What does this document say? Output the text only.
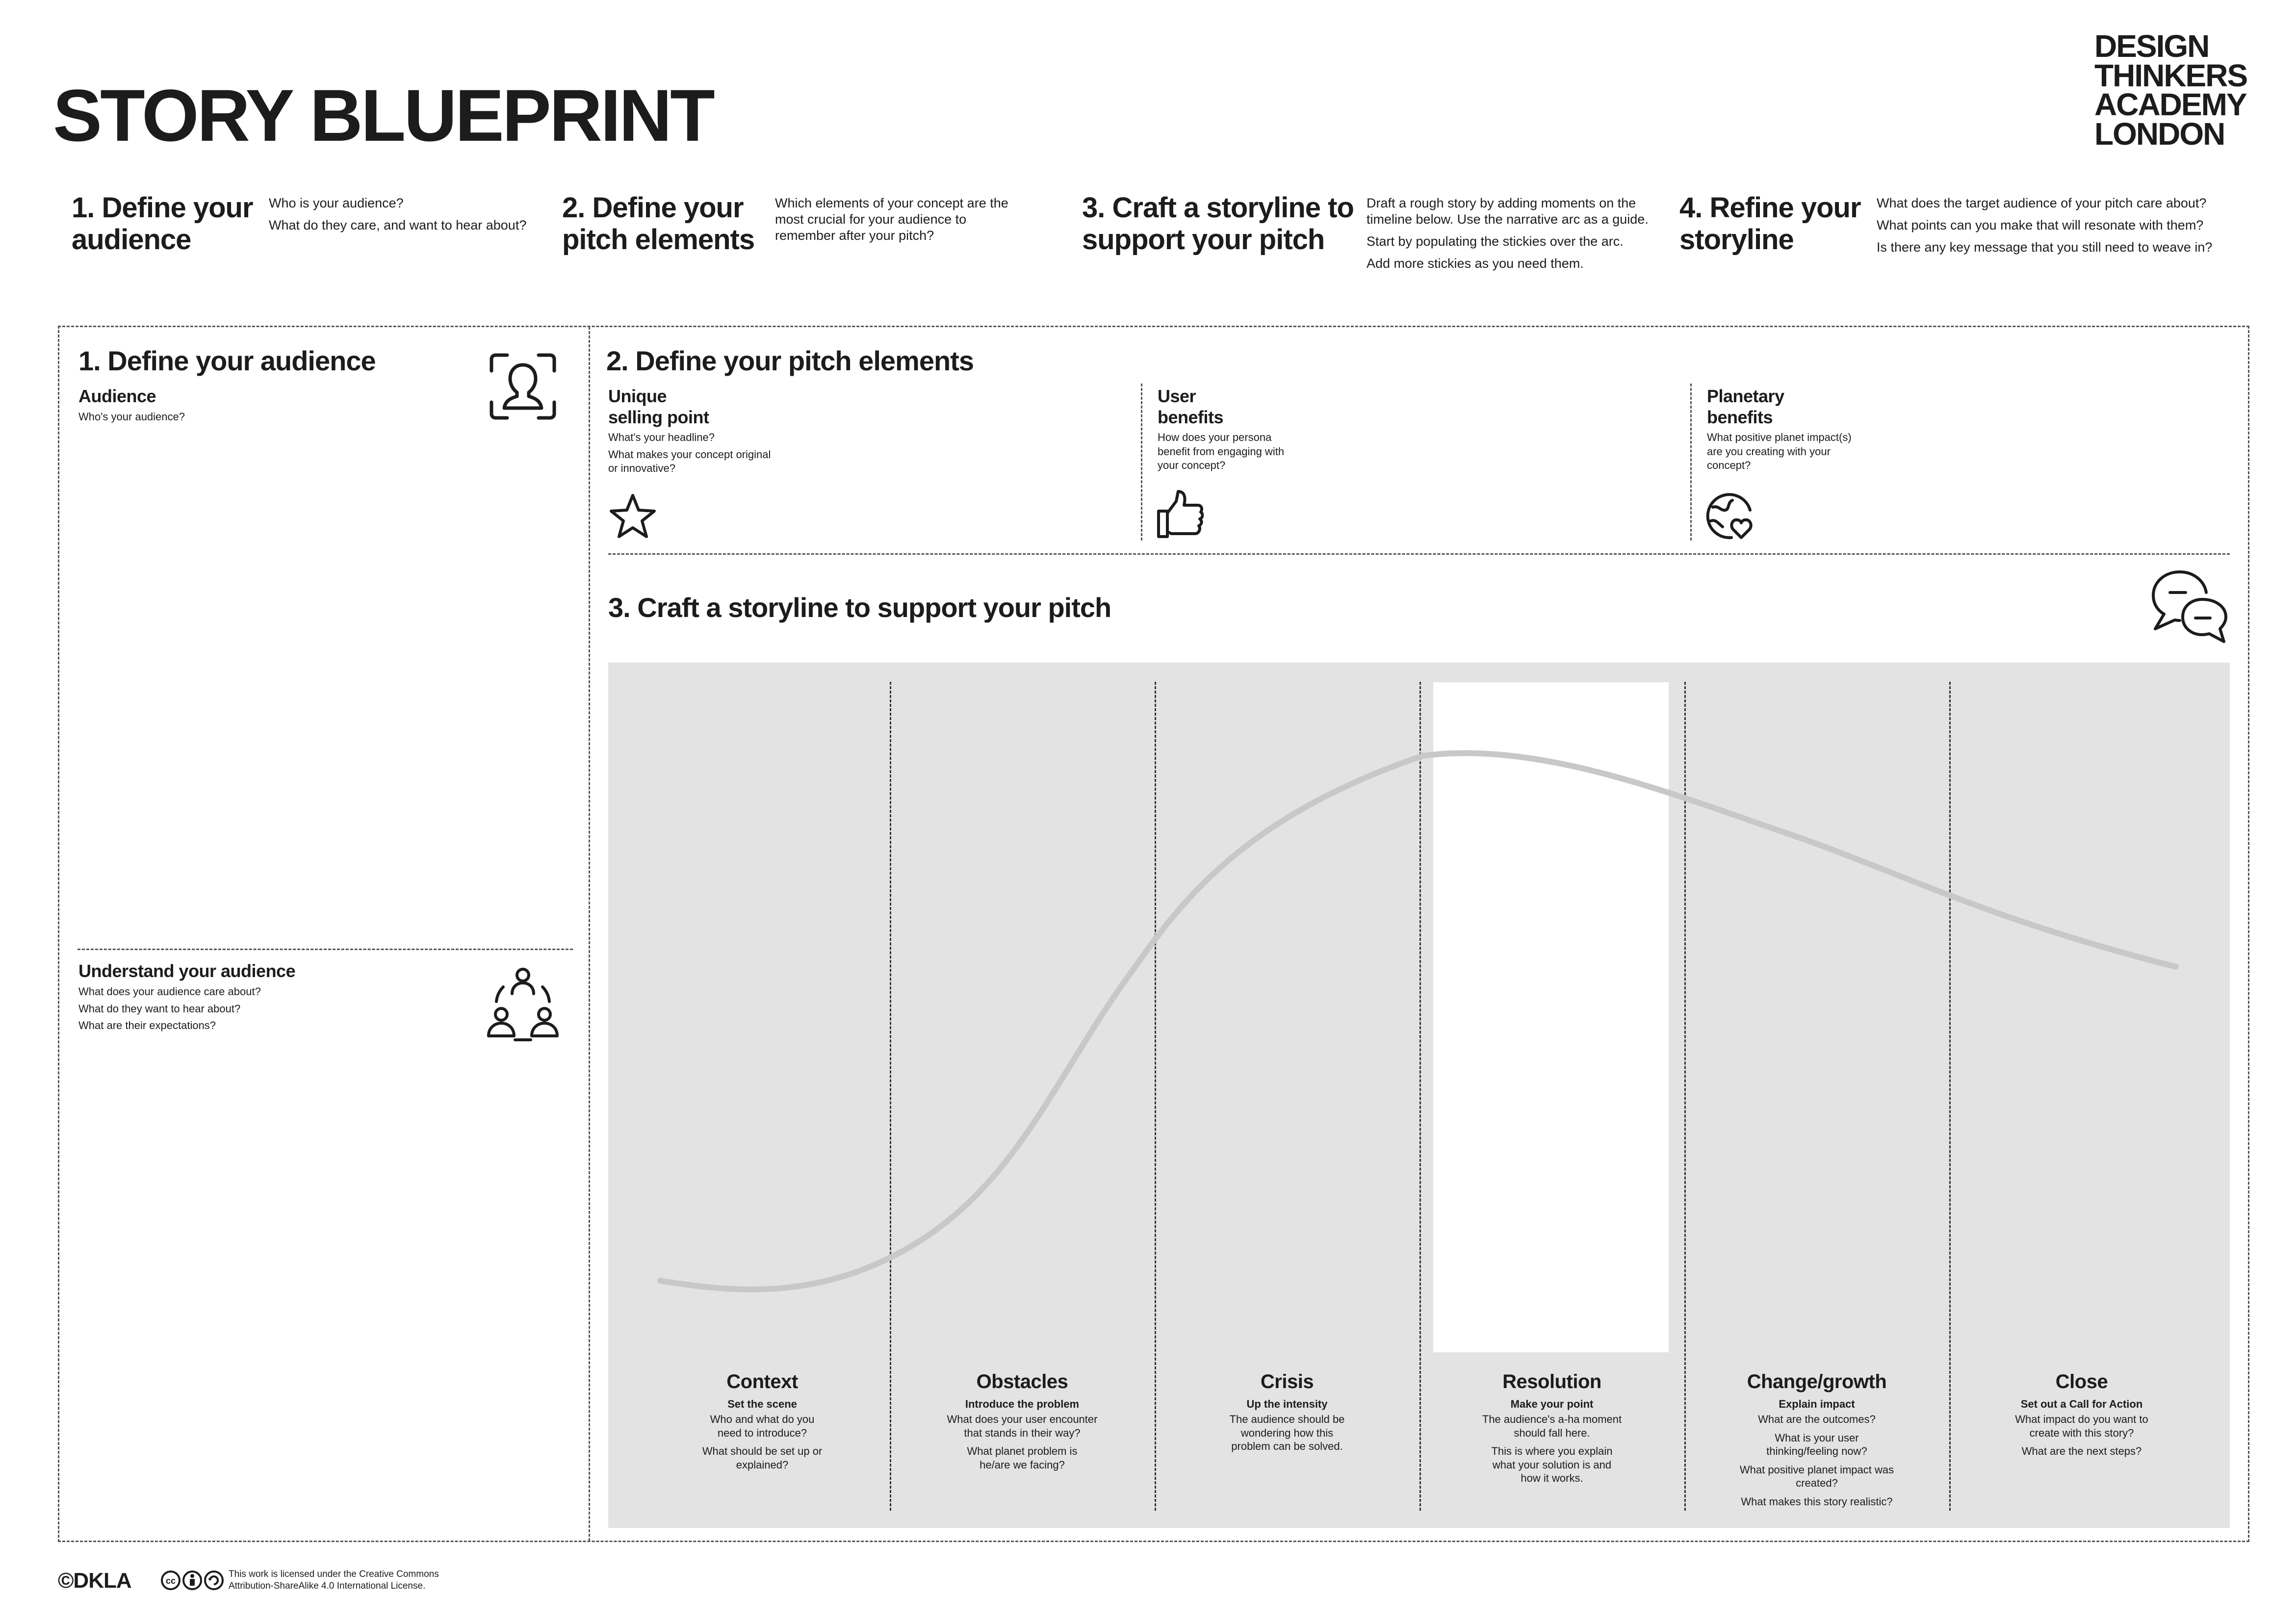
STORY BLUEPRINT
DESIGN
THINKERS
ACADEMY
LONDON
1. Define your audience

Who is your audience?

What do they care, and want to hear about?

2. Define your pitch elements

Which elements of your concept are the most crucial for your audience to remember after your pitch?

3. Craft a storyline to support your pitch

Draft a rough story by adding moments on the timeline below. Use the narrative arc as a guide.

Start by populating the stickies over the arc.

Add more stickies as you need them.

4. Refine your storyline

What does the target audience of your pitch care about?

What points can you make that will resonate with them?

Is there any key message that you still need to weave in?

1. Define your audience
Audience

Who's your audience?

Understand your audience

What does your audience care about?

What do they want to hear about?

What are their expectations?

2. Define your pitch elements
Unique
selling point

What's your headline?

What makes your concept original or innovative?

User
benefits

How does your persona benefit from engaging with your concept?

Planetary
benefits

What positive planet impact(s) are you creating with your concept?

3. Craft a storyline to support your pitch
Context
Set the scene

Who and what do you need to introduce?

What should be set up or explained?

Obstacles
Introduce the problem

What does your user encounter that stands in their way?

What planet problem is he/are we facing?

Crisis
Up the intensity

The audience should be wondering how this problem can be solved.

Resolution
Make your point

The audience's a-ha moment should fall here.

This is where you explain what your solution is and how it works.

Change/growth
Explain impact

What are the outcomes?

What is your user thinking/feeling now?

What positive planet impact was created?

What makes this story realistic?

Close
Set out a Call for Action

What impact do you want to create with this story?

What are the next steps?

©DKLA	cc
This work is licensed under the Creative Commons
Attribution-ShareAlike 4.0 International License.
